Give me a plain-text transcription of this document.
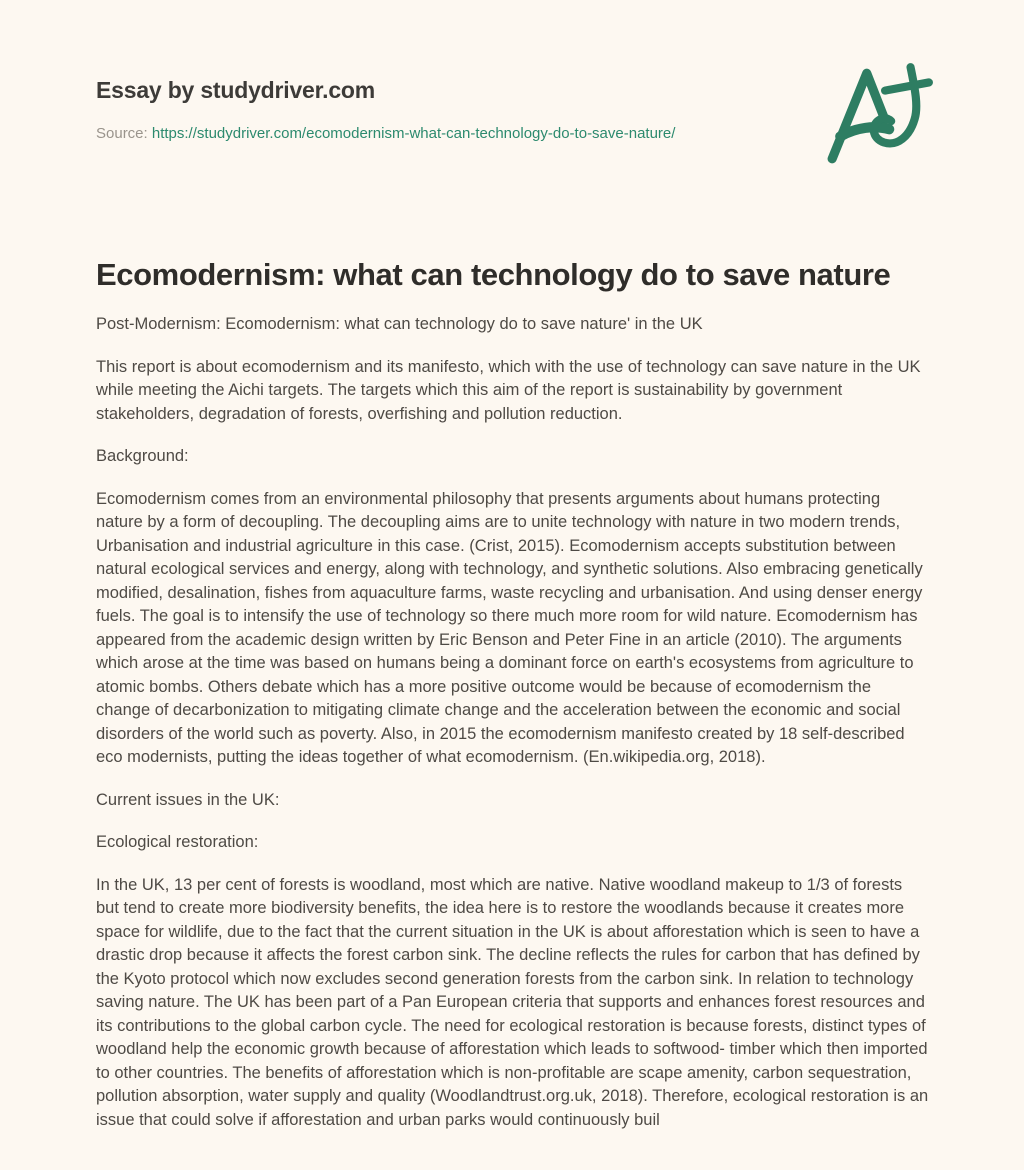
Essay by studydriver.com
Source: https://studydriver.com/ecomodernism-what-can-technology-do-to-save-nature/
Ecomodernism: what can technology do to save nature

Post-Modernism: Ecomodernism: what can technology do to save nature' in the UK

This report is about ecomodernism and its manifesto, which with the use of technology can save nature in the UK while meeting the Aichi targets. The targets which this aim of the report is sustainability by government stakeholders, degradation of forests, overfishing and pollution reduction.

Background:

Ecomodernism comes from an environmental philosophy that presents arguments about humans protecting nature by a form of decoupling. The decoupling aims are to unite technology with nature in two modern trends, Urbanisation and industrial agriculture in this case. (Crist, 2015). Ecomodernism accepts substitution between natural ecological services and energy, along with technology, and synthetic solutions. Also embracing genetically modified, desalination, fishes from aquaculture farms, waste recycling and urbanisation. And using denser energy fuels. The goal is to intensify the use of technology so there much more room for wild nature. Ecomodernism has appeared from the academic design written by Eric Benson and Peter Fine in an article (2010). The arguments which arose at the time was based on humans being a dominant force on earth's ecosystems from agriculture to atomic bombs. Others debate which has a more positive outcome would be because of ecomodernism the change of decarbonization to mitigating climate change and the acceleration between the economic and social disorders of the world such as poverty. Also, in 2015 the ecomodernism manifesto created by 18 self-described eco modernists, putting the ideas together of what ecomodernism. (En.wikipedia.org, 2018).

Current issues in the UK:

Ecological restoration:

In the UK, 13 per cent of forests is woodland, most which are native. Native woodland makeup to 1/3 of forests but tend to create more biodiversity benefits, the idea here is to restore the woodlands because it creates more space for wildlife, due to the fact that the current situation in the UK is about afforestation which is seen to have a drastic drop because it affects the forest carbon sink. The decline reflects the rules for carbon that has defined by the Kyoto protocol which now excludes second generation forests from the carbon sink. In relation to technology saving nature. The UK has been part of a Pan European criteria that supports and enhances forest resources and its contributions to the global carbon cycle. The need for ecological restoration is because forests, distinct types of woodland help the economic growth because of afforestation which leads to softwood- timber which then imported to other countries. The benefits of afforestation which is non-profitable are scape amenity, carbon sequestration, pollution absorption, water supply and quality (Woodlandtrust.org.uk, 2018). Therefore, ecological restoration is an issue that could solve if afforestation and urban parks would continuously buil
